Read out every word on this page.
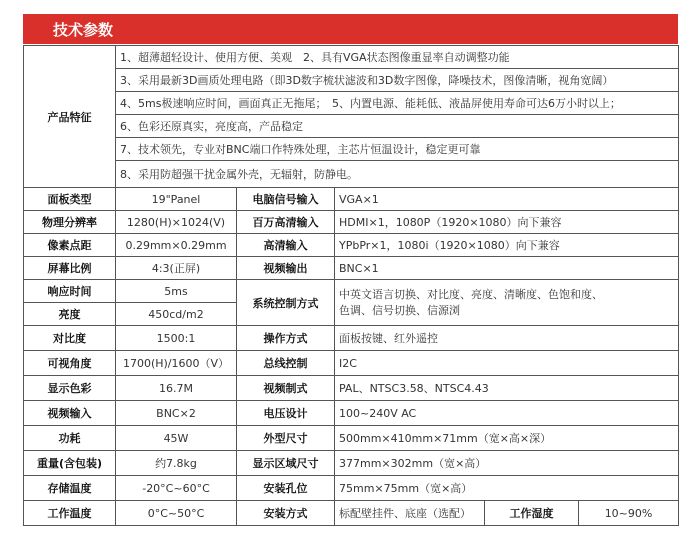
技术参数
产品特征	1、超薄超轻设计、使用方便、美观　2、具有VGA状态图像重显率自动调整功能				
	3、采用最新3D画质处理电路（即3D数字梳状滤波和3D数字图像，降噪技术，图像清晰，视角宽阔）				
	4、5ms极速响应时间，画面真正无拖尾；　5、内置电源、能耗低、液晶屏使用寿命可达6万小时以上；				
	6、色彩还原真实，亮度高，产品稳定				
	7、技术领先，专业对BNC端口作特殊处理，主芯片恒温设计，稳定更可靠				
	8、采用防超强干扰金属外壳，无辐射，防静电。				
面板类型	19"Panel	电脑信号输入	VGA×1		
物理分辨率	1280(H)×1024(V)	百万高清输入	HDMI×1，1080P（1920×1080）向下兼容		
像素点距	0.29mm×0.29mm	高清输入	YPbPr×1，1080i（1920×1080）向下兼容		
屏幕比例	4:3(正屏)	视频输出	BNC×1		
响应时间	5ms	系统控制方式	中英文语言切换、对比度、亮度、清晰度、色饱和度、
色调、信号切换、信源浏		
亮度	450cd/m2				
对比度	1500:1	操作方式	面板按键、红外遥控		
可视角度	1700(H)/1600（V）	总线控制	I2C		
显示色彩	16.7M	视频制式	PAL、NTSC3.58、NTSC4.43		
视频输入	BNC×2	电压设计	100~240V AC		
功耗	45W	外型尺寸	500mm×410mm×71mm（宽×高×深）		
重量(含包装)	约7.8kg	显示区域尺寸	377mm×302mm（宽×高）		
存储温度	-20°C~60°C	安装孔位	75mm×75mm（宽×高）		
工作温度	0°C~50°C	安装方式	标配壁挂件、底座（选配）	工作湿度	10~90%
